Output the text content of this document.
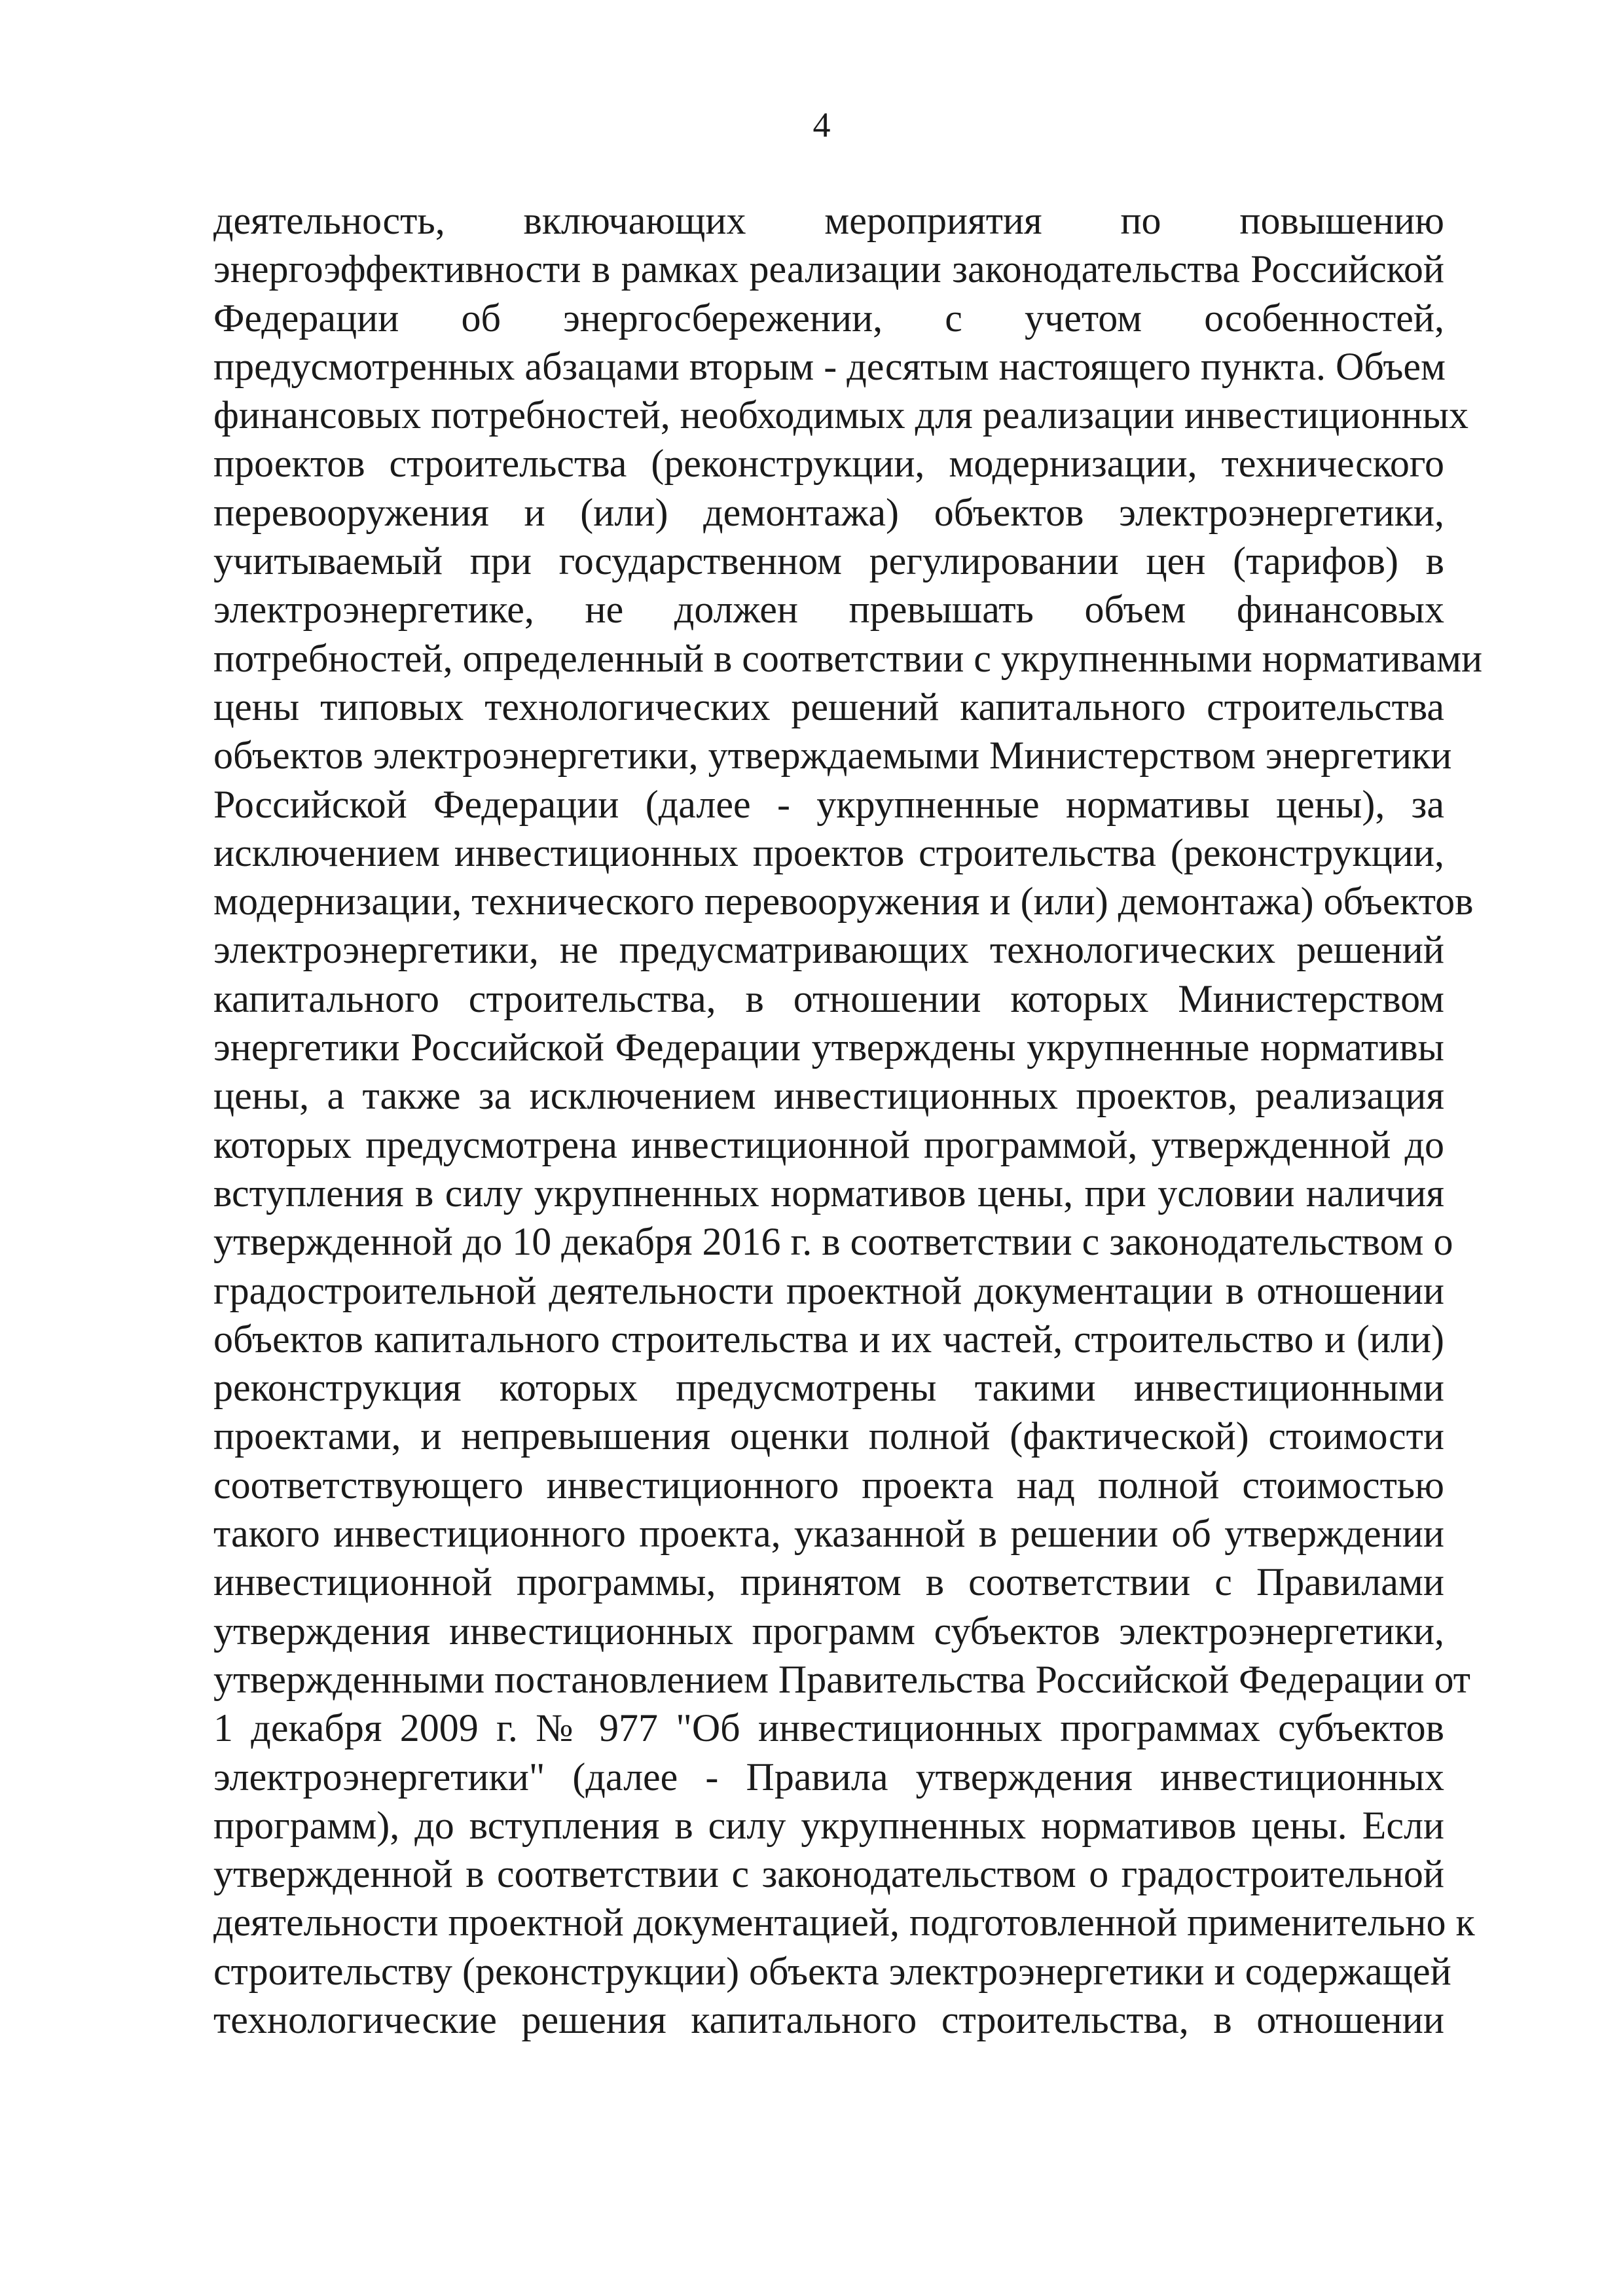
4
деятельность, включающих мероприятия по повышению
энергоэффективности в рамках реализации законодательства Российской
Федерации об энергосбережении, с учетом особенностей,
предусмотренных абзацами вторым - десятым настоящего пункта. Объем
финансовых потребностей, необходимых для реализации инвестиционных
проектов строительства (реконструкции, модернизации, технического
перевооружения и (или) демонтажа) объектов электроэнергетики,
учитываемый при государственном регулировании цен (тарифов) в
электроэнергетике, не должен превышать объем финансовых
потребностей, определенный в соответствии с укрупненными нормативами
цены типовых технологических решений капитального строительства
объектов электроэнергетики, утверждаемыми Министерством энергетики
Российской Федерации (далее - укрупненные нормативы цены), за
исключением инвестиционных проектов строительства (реконструкции,
модернизации, технического перевооружения и (или) демонтажа) объектов
электроэнергетики, не предусматривающих технологических решений
капитального строительства, в отношении которых Министерством
энергетики Российской Федерации утверждены укрупненные нормативы
цены, а также за исключением инвестиционных проектов, реализация
которых предусмотрена инвестиционной программой, утвержденной до
вступления в силу укрупненных нормативов цены, при условии наличия
утвержденной до 10 декабря 2016 г. в соответствии с законодательством о
градостроительной деятельности проектной документации в отношении
объектов капитального строительства и их частей, строительство и (или)
реконструкция которых предусмотрены такими инвестиционными
проектами, и непревышения оценки полной (фактической) стоимости
соответствующего инвестиционного проекта над полной стоимостью
такого инвестиционного проекта, указанной в решении об утверждении
инвестиционной программы, принятом в соответствии с Правилами
утверждения инвестиционных программ субъектов электроэнергетики,
утвержденными постановлением Правительства Российской Федерации от
1 декабря 2009 г. № 977 "Об инвестиционных программах субъектов
электроэнергетики" (далее - Правила утверждения инвестиционных
программ), до вступления в силу укрупненных нормативов цены. Если
утвержденной в соответствии с законодательством о градостроительной
деятельности проектной документацией, подготовленной применительно к
строительству (реконструкции) объекта электроэнергетики и содержащей
технологические решения капитального строительства, в отношении
